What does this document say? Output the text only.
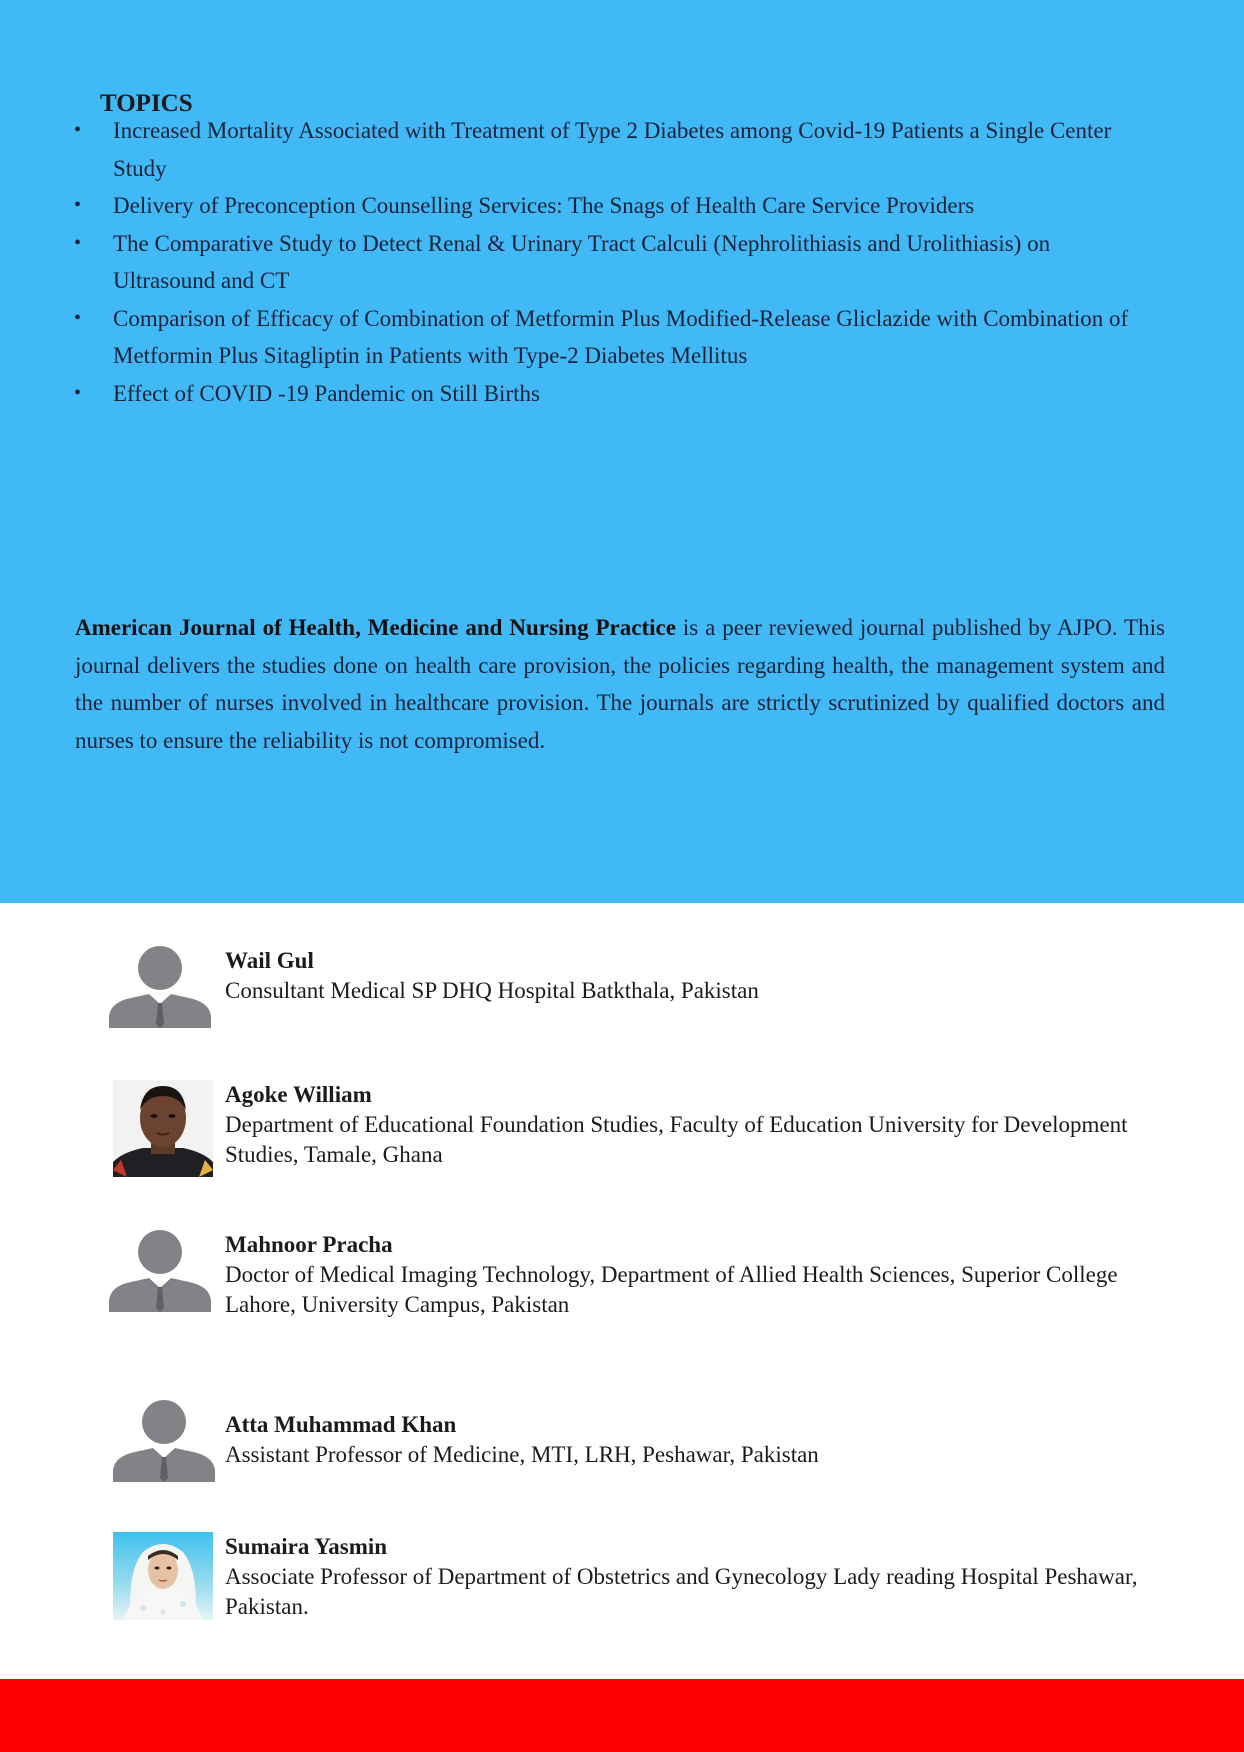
TOPICS
• Increased Mortality Associated with Treatment of Type 2 Diabetes among Covid-19 Patients a Single Center Study
• Delivery of Preconception Counselling Services: The Snags of Health Care Service Providers
• The Comparative Study to Detect Renal & Urinary Tract Calculi (Nephrolithiasis and Urolithiasis) on Ultrasound and CT
• Comparison of Efficacy of Combination of Metformin Plus Modified-Release Gliclazide with Combination of Metformin Plus Sitagliptin in Patients with Type-2 Diabetes Mellitus
• Effect of COVID -19 Pandemic on Still Births

American Journal of Health, Medicine and Nursing Practice is a peer reviewed journal published by AJPO. This journal delivers the studies done on health care provision, the policies regarding health, the management system and the number of nurses involved in healthcare provision. The journals are strictly scrutinized by qualified doctors and nurses to ensure the reliability is not compromised.

Wail Gul
Consultant Medical SP DHQ Hospital Batkthala, Pakistan
Agoke William
Department of Educational Foundation Studies, Faculty of Education University for Development Studies, Tamale, Ghana
Mahnoor Pracha
Doctor of Medical Imaging Technology, Department of Allied Health Sciences, Superior College Lahore, University Campus, Pakistan
Atta Muhammad Khan
Assistant Professor of Medicine, MTI, LRH, Peshawar, Pakistan
Sumaira Yasmin
Associate Professor of Department of Obstetrics and Gynecology Lady reading Hospital Peshawar, Pakistan.
